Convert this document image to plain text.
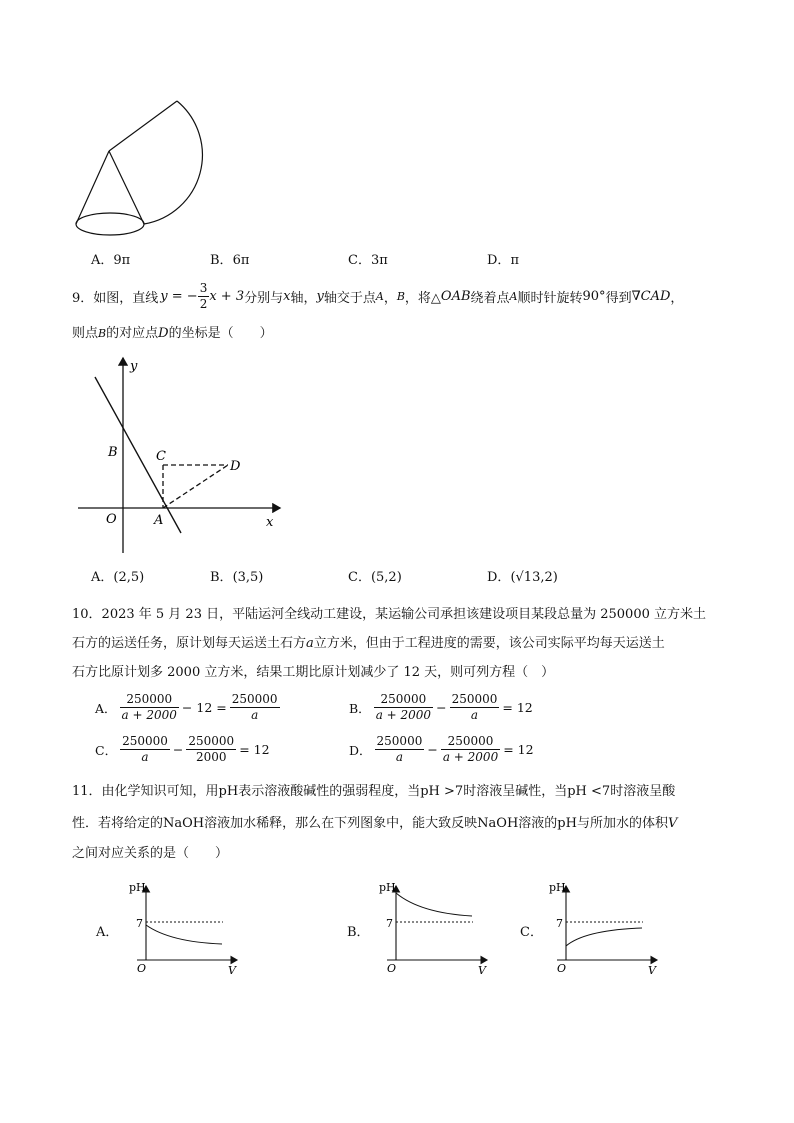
A．9π	B．6π	C．3π	D．π
9． 如图，直线 y = − $\frac{3}{2}$ x + 3 分别与 x 轴， y 轴交于点 A ， B ，将△ OAB 绕着点 A 顺时针旋转 90° 得到 ∇CAD ，
则点B的对应点D的坐标是（　　）
y
x
O	A
B	C
D
A．(2,5)	B．(3,5)	C．(5,2)	D．(√13,2)
10．2023 年 5 月 23 日，平陆运河全线动工建设，某运输公司承担该建设项目某段总量为 250000 立方米土
石方的运送任务，原计划每天运送土石方a立方米，但由于工程进度的需要，该公司实际平均每天运送土
石方比原计划多 2000 立方米，结果工期比原计划减少了 12 天，则可列方程（　）
A． $\frac{250000}{a + 2000} - 12 = \frac{250000}{a}$	B． $\frac{250000}{a + 2000} - \frac{250000}{a} = 12$
C． $\frac{250000}{a} - \frac{250000}{2000} = 12$	D． $\frac{250000}{a} - \frac{250000}{a + 2000} = 12$
11．由化学知识可知，用pH表示溶液酸碱性的强弱程度，当pH >7时溶液呈碱性，当pH <7时溶液呈酸
性．若将给定的NaOH溶液加水稀释，那么在下列图象中，能大致反映NaOH溶液的pH与所加水的体积V
之间对应关系的是（　　）
A．
pH
7
O	V
B．
pH
7
O	V
C．
pH
7
O	V
